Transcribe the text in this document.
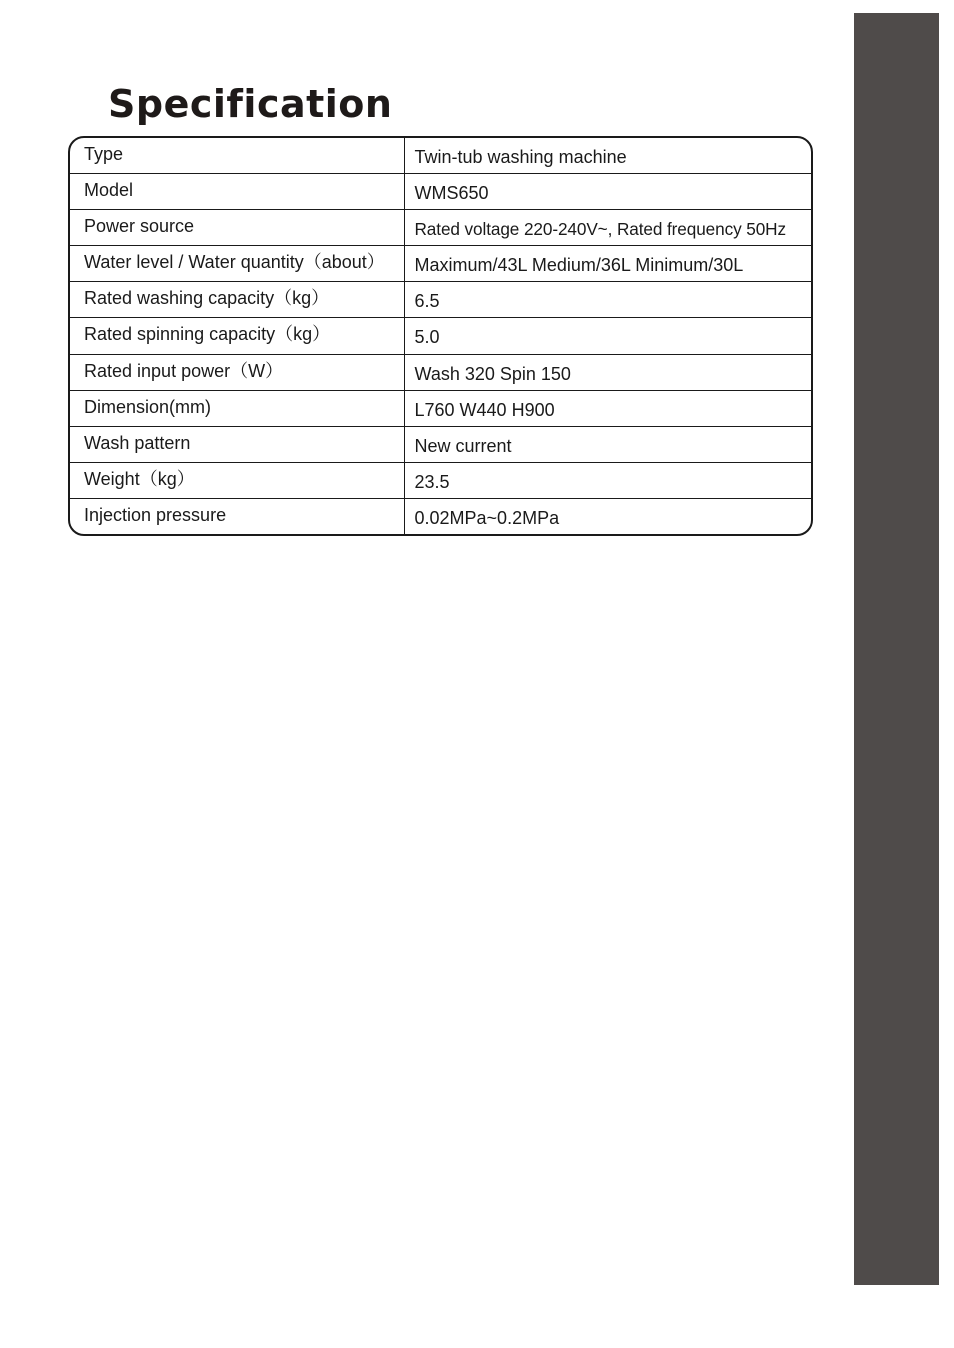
Specification
Type	Twin-tub washing machine
Model	WMS650
Power source	Rated voltage 220-240V~, Rated frequency 50Hz
Water level / Water quantity（about）	Maximum/43L Medium/36L Minimum/30L
Rated washing capacity（kg）	6.5
Rated spinning capacity（kg）	5.0
Rated input power（W）	Wash 320 Spin 150
Dimension(mm)	L760 W440 H900
Wash pattern	New current
Weight（kg）	23.5
Injection pressure	0.02MPa~0.2MPa
